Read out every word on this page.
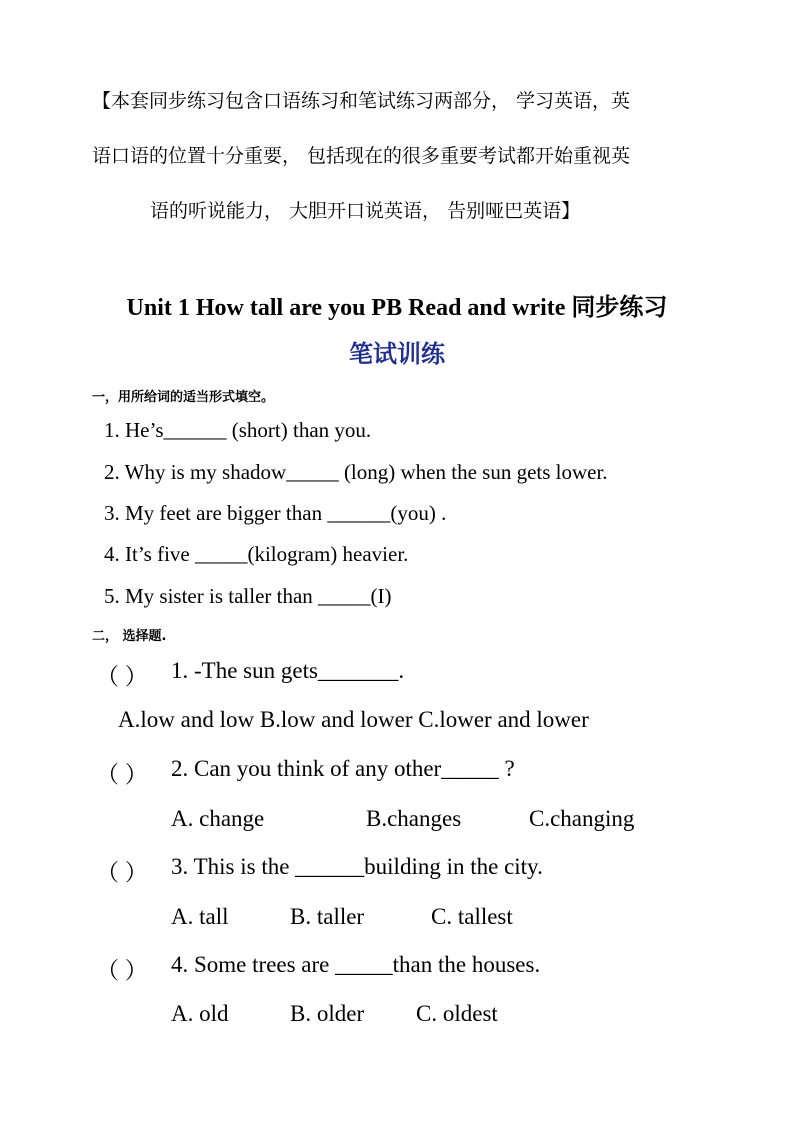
【本套同步练习包含口语练习和笔试练习两部分， 学习英语，英
语口语的位置十分重要， 包括现在的很多重要考试都开始重视英
语的听说能力， 大胆开口说英语， 告别哑巴英语】
Unit 1 How tall are you PB Read and write 同步练习
笔试训练
一，用所给词的适当形式填空。
1. He’s______ (short) than you.
2. Why is my shadow_____ (long) when the sun gets lower.
3. My feet are bigger than ______(you) .
4. It’s five _____(kilogram) heavier.
5. My sister is taller than _____(I)
二， 选择题.
（ ） 1. -The sun gets_______.
A.low and low B.low and lower C.lower and lower
（ ） 2. Can you think of any other_____ ?
A. change	B.changes	C.changing
（ ） 3. This is the ______building in the city.
A. tall	B. taller	C. tallest
（ ） 4. Some trees are _____than the houses.
A. old	B. older C. oldest
